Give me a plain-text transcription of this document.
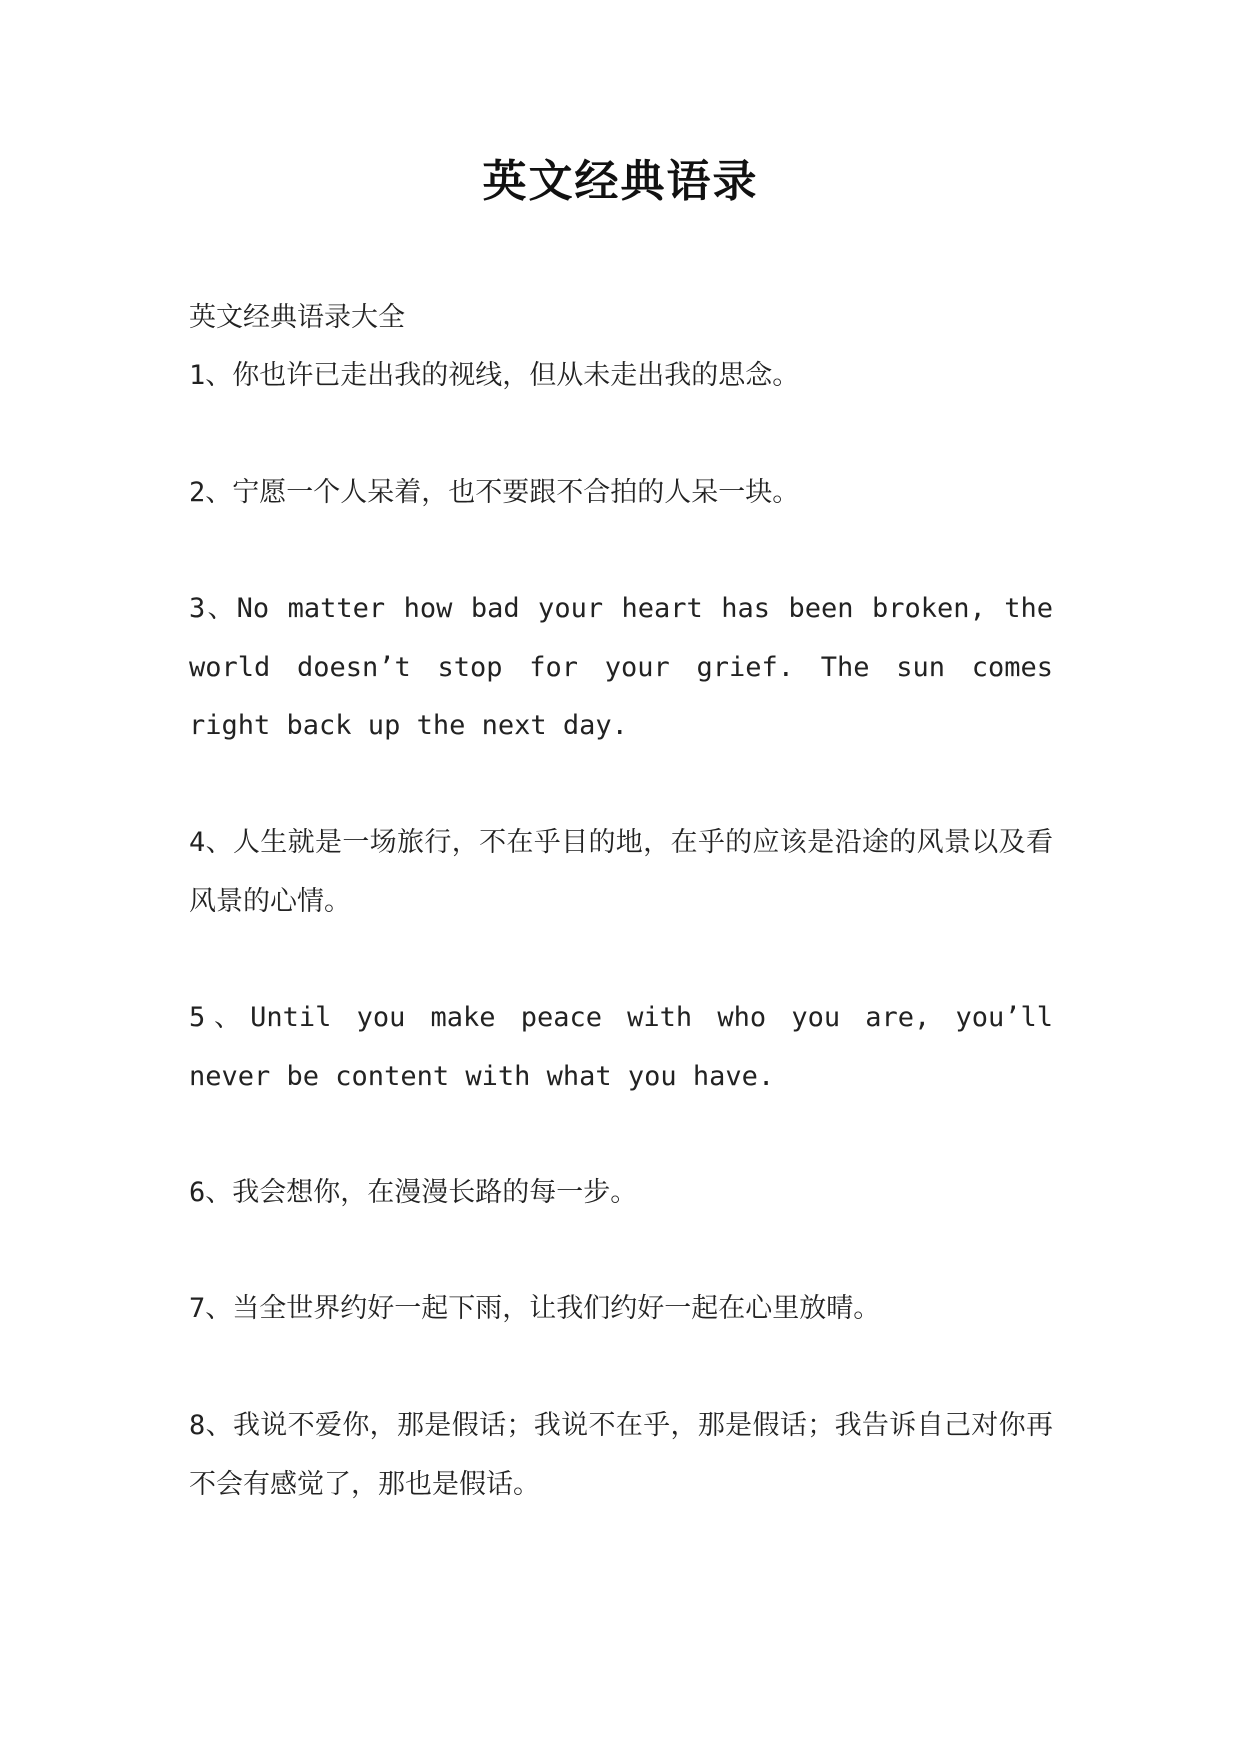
英文经典语录

英文经典语录大全

1、你也许已走出我的视线，但从未走出我的思念。

2、宁愿一个人呆着，也不要跟不合拍的人呆一块。

3、No matter how bad your heart has been broken, the world doesn’t stop for your grief. The sun comes right back up the next day.

4、人生就是一场旅行，不在乎目的地，在乎的应该是沿途的风景以及看风景的心情。

5、Until you make peace with who you are, you’ll never be content with what you have.

6、我会想你，在漫漫长路的每一步。

7、当全世界约好一起下雨，让我们约好一起在心里放晴。

8、我说不爱你，那是假话；我说不在乎，那是假话；我告诉自己对你再不会有感觉了，那也是假话。
